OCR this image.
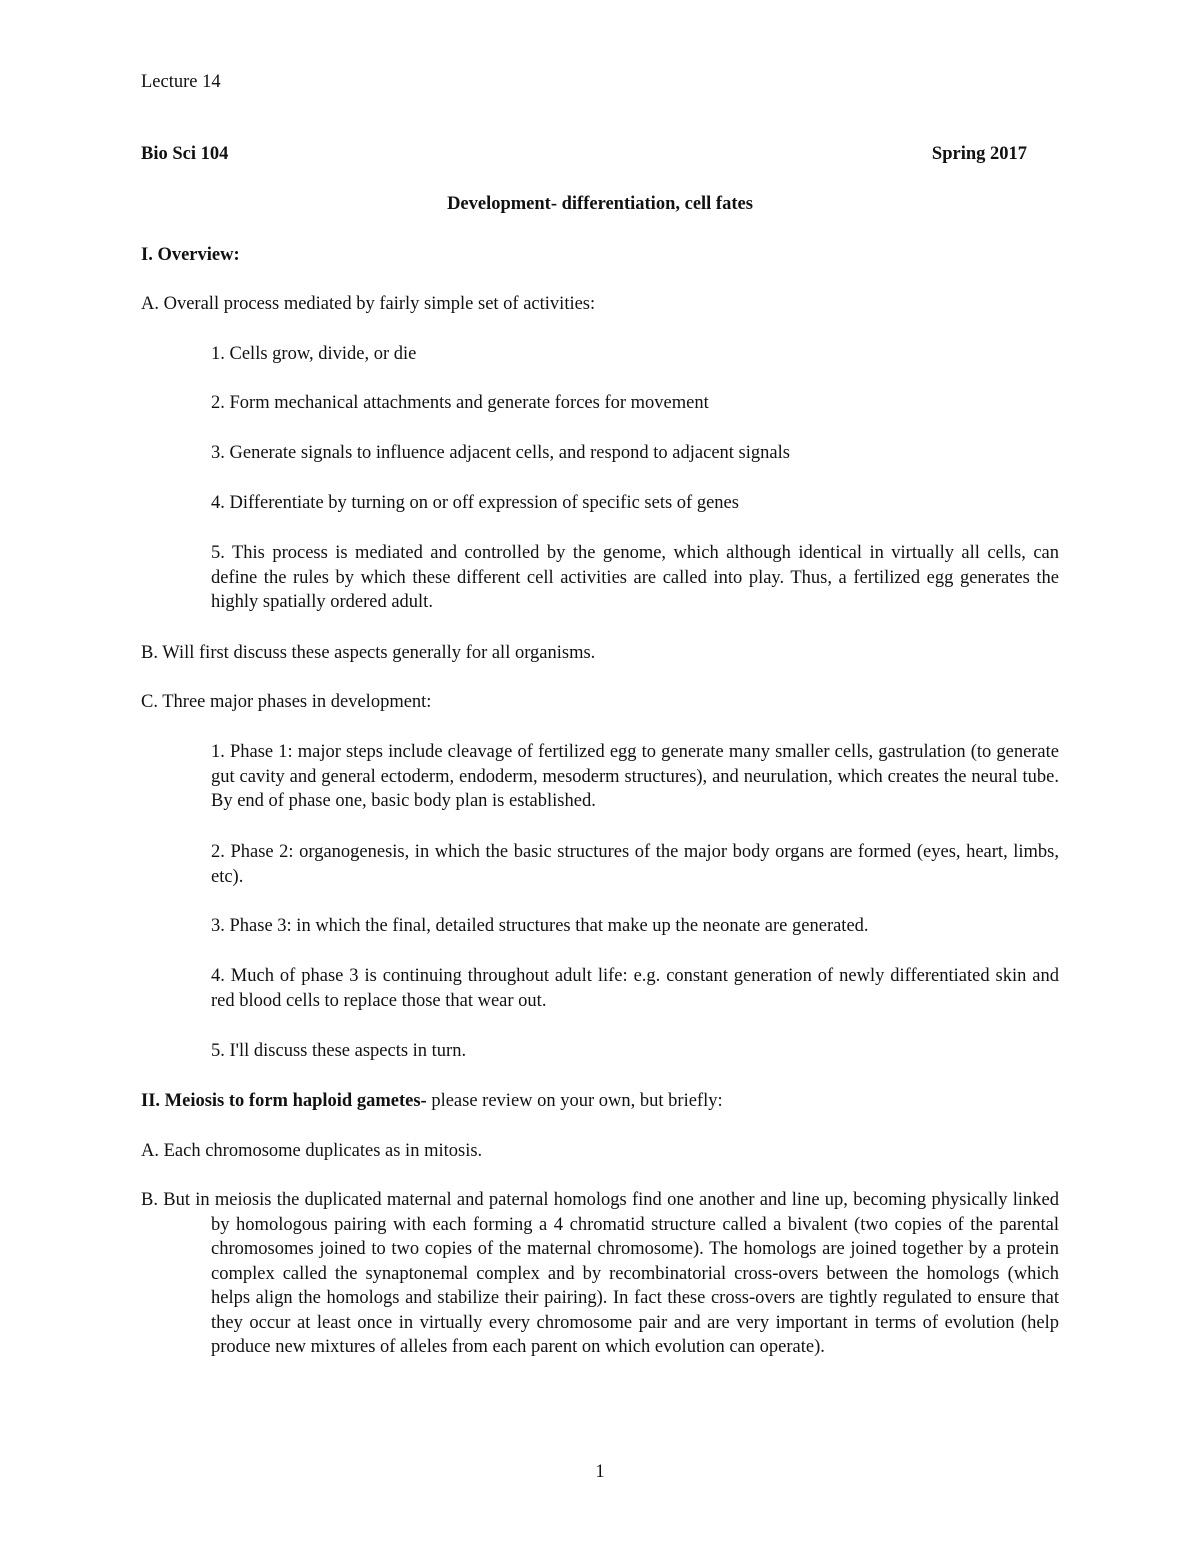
Lecture 14
Bio Sci 104	Spring 2017
Development- differentiation, cell fates
I. Overview:
A. Overall process mediated by fairly simple set of activities:
1. Cells grow, divide, or die
2. Form mechanical attachments and generate forces for movement
3. Generate signals to influence adjacent cells, and respond to adjacent signals
4. Differentiate by turning on or off expression of specific sets of genes

5. This process is mediated and controlled by the genome, which although identical in virtually all cells, can define the rules by which these different cell activities are called into play. Thus, a fertilized egg generates the highly spatially ordered adult.

B. Will first discuss these aspects generally for all organisms.
C. Three major phases in development:

1. Phase 1: major steps include cleavage of fertilized egg to generate many smaller cells, gastrulation (to generate gut cavity and general ectoderm, endoderm, mesoderm structures), and neurulation, which creates the neural tube. By end of phase one, basic body plan is established.

2. Phase 2: organogenesis, in which the basic structures of the major body organs are formed (eyes, heart, limbs, etc).

3. Phase 3: in which the final, detailed structures that make up the neonate are generated.

4. Much of phase 3 is continuing throughout adult life: e.g. constant generation of newly differentiated skin and red blood cells to replace those that wear out.

5. I'll discuss these aspects in turn.
II. Meiosis to form haploid gametes- please review on your own, but briefly:
A. Each chromosome duplicates as in mitosis.

B. But in meiosis the duplicated maternal and paternal homologs find one another and line up, becoming physically linked by homologous pairing with each forming a 4 chromatid structure called a bivalent (two copies of the parental chromosomes joined to two copies of the maternal chromosome). The homologs are joined together by a protein complex called the synaptonemal complex and by recombinatorial cross-overs between the homologs (which helps align the homologs and stabilize their pairing). In fact these cross-overs are tightly regulated to ensure that they occur at least once in virtually every chromosome pair and are very important in terms of evolution (help produce new mixtures of alleles from each parent on which evolution can operate).

1
